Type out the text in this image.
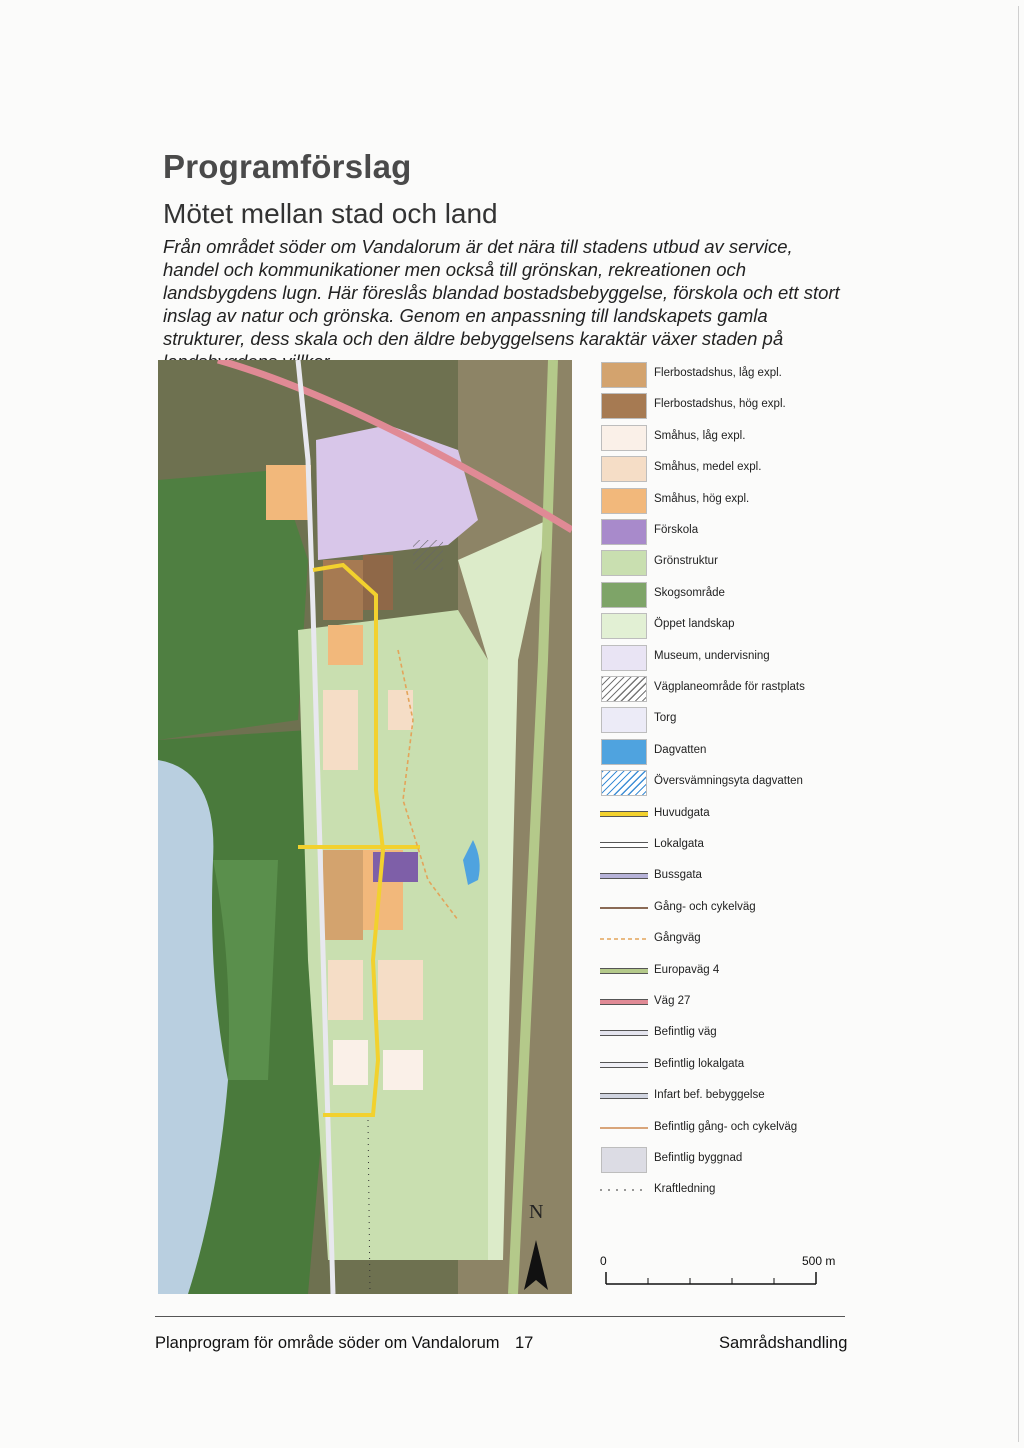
Programförslag
Mötet mellan stad och land
Från området söder om Vandalorum är det nära till stadens utbud av service, handel och kommunikationer men också till grönskan, rekreationen och landsbygdens lugn. Här föreslås blandad bostadsbebyggelse, förskola och ett stort inslag av natur och grönska. Genom en anpassning till landskapets gamla strukturer, dess skala och den äldre bebyggelsens karaktär växer staden på
N
Flerbostadshus, låg expl.
Flerbostadshus, hög expl.
Småhus, låg expl.
Småhus, medel expl.
Småhus, hög expl.
Förskola
Grönstruktur
Skogsområde
Öppet landskap
Museum, undervisning
Vägplaneområde för rastplats
Torg
Dagvatten
Översvämningsyta dagvatten
Huvudgata
Lokalgata
Bussgata
Gång- och cykelväg
Gångväg
Europaväg 4
Väg 27
Befintlig väg
Befintlig lokalgata
Infart bef. bebyggelse
Befintlig gång- och cykelväg
Befintlig byggnad
Kraftledning
0	500 m
Planprogram för område söder om Vandalorum 17	Samrådshandling
